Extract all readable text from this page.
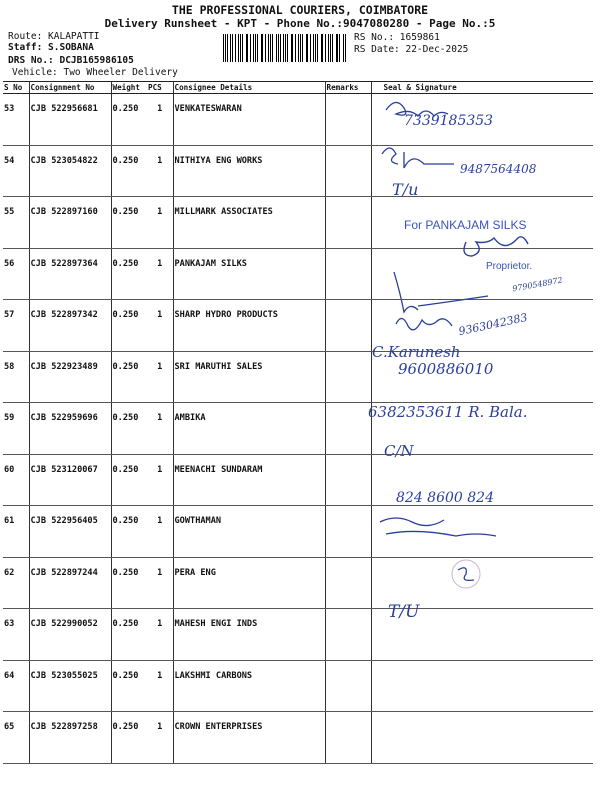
THE PROFESSIONAL COURIERS, COIMBATORE
Delivery Runsheet - KPT - Phone No.:9047080280 - Page No.:5
Route: KALAPATTI
Staff: S.SOBANA
DRS No.: DCJB165986105
Vehicle: Two Wheeler Delivery
RS No.: 1659861
RS Date: 22-Dec-2025
S No	Consignment No	Weight	PCS	Consignee Details	Remarks	Seal & Signature
53	CJB 522956681	0.250	1	VENKATESWARAN		
54	CJB 523054822	0.250	1	NITHIYA ENG WORKS		
55	CJB 522897160	0.250	1	MILLMARK ASSOCIATES		
56	CJB 522897364	0.250	1	PANKAJAM SILKS		
57	CJB 522897342	0.250	1	SHARP HYDRO PRODUCTS		
58	CJB 522923489	0.250	1	SRI MARUTHI SALES		
59	CJB 522959696	0.250	1	AMBIKA		
60	CJB 523120067	0.250	1	MEENACHI SUNDARAM		
61	CJB 522956405	0.250	1	GOWTHAMAN		
62	CJB 522897244	0.250	1	PERA ENG		
63	CJB 522990052	0.250	1	MAHESH ENGI INDS		
64	CJB 523055025	0.250	1	LAKSHMI CARBONS		
65	CJB 522897258	0.250	1	CROWN ENTERPRISES		
7339185353
9487564408
T/u
For PANKAJAM SILKS
Proprietor.
9790548972
9363042383
C.Karunesh
9600886010
6382353611 R. Bala.
C/N
824 8600 824
T/U
